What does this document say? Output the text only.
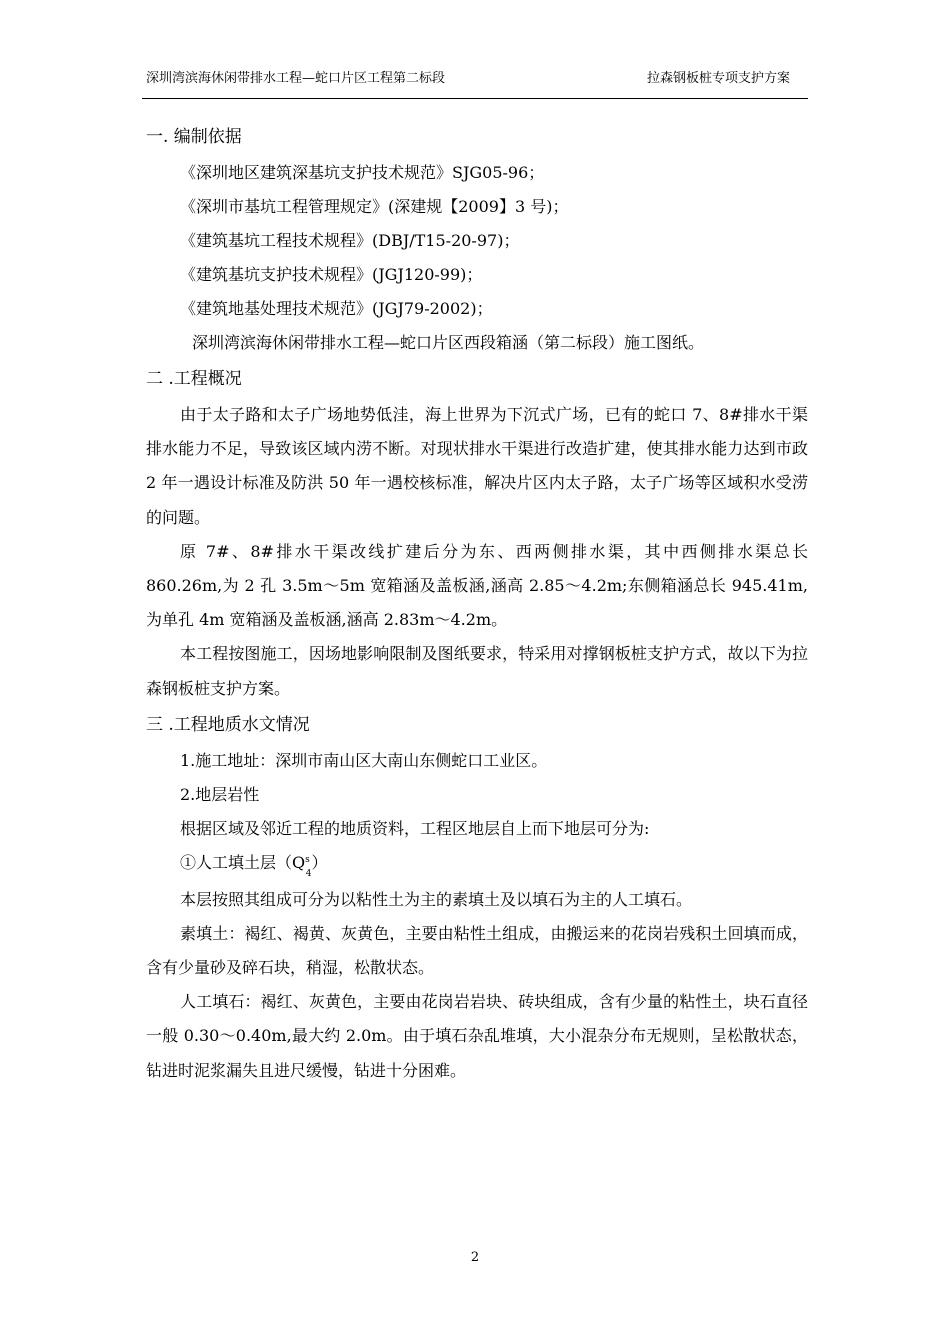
深圳湾滨海休闲带排水工程—蛇口片区工程第二标段	拉森钢板桩专项支护方案

一. 编制依据

《深圳地区建筑深基坑支护技术规范》SJG05-96；

《深圳市基坑工程管理规定》(深建规【2009】3 号)；

《建筑基坑工程技术规程》(DBJ/T15-20-97)；

《建筑基坑支护技术规程》(JGJ120-99)；

《建筑地基处理技术规范》(JGJ79-2002)；

深圳湾滨海休闲带排水工程—蛇口片区西段箱涵（第二标段）施工图纸。

二 .工程概况

由于太子路和太子广场地势低洼，海上世界为下沉式广场，已有的蛇口 7、8#排水干渠排水能力不足，导致该区域内涝不断。对现状排水干渠进行改造扩建，使其排水能力达到市政 2 年一遇设计标准及防洪 50 年一遇校核标准，解决片区内太子路，太子广场等区域积水受涝的问题。

原 7#、8#排水干渠改线扩建后分为东、西两侧排水渠，其中西侧排水渠总长 860.26m,为 2 孔 3.5m～5m 宽箱涵及盖板涵,涵高 2.85～4.2m;东侧箱涵总长 945.41m,为单孔 4m 宽箱涵及盖板涵,涵高 2.83m～4.2m。

本工程按图施工，因场地影响限制及图纸要求，特采用对撑钢板桩支护方式，故以下为拉森钢板桩支护方案。

三 .工程地质水文情况

1.施工地址：深圳市南山区大南山东侧蛇口工业区。

2.地层岩性

根据区域及邻近工程的地质资料，工程区地层自上而下地层可分为:

①人工填土层$(Q^s_4)$

本层按照其组成可分为以粘性土为主的素填土及以填石为主的人工填石。

素填土：褐红、褐黄、灰黄色，主要由粘性土组成，由搬运来的花岗岩残积土回填而成，含有少量砂及碎石块，稍湿，松散状态。

人工填石：褐红、灰黄色，主要由花岗岩岩块、砖块组成，含有少量的粘性土，块石直径一般 0.30～0.40m,最大约 2.0m。由于填石杂乱堆填，大小混杂分布无规则，呈松散状态，钻进时泥浆漏失且进尺缓慢，钻进十分困难。

2
